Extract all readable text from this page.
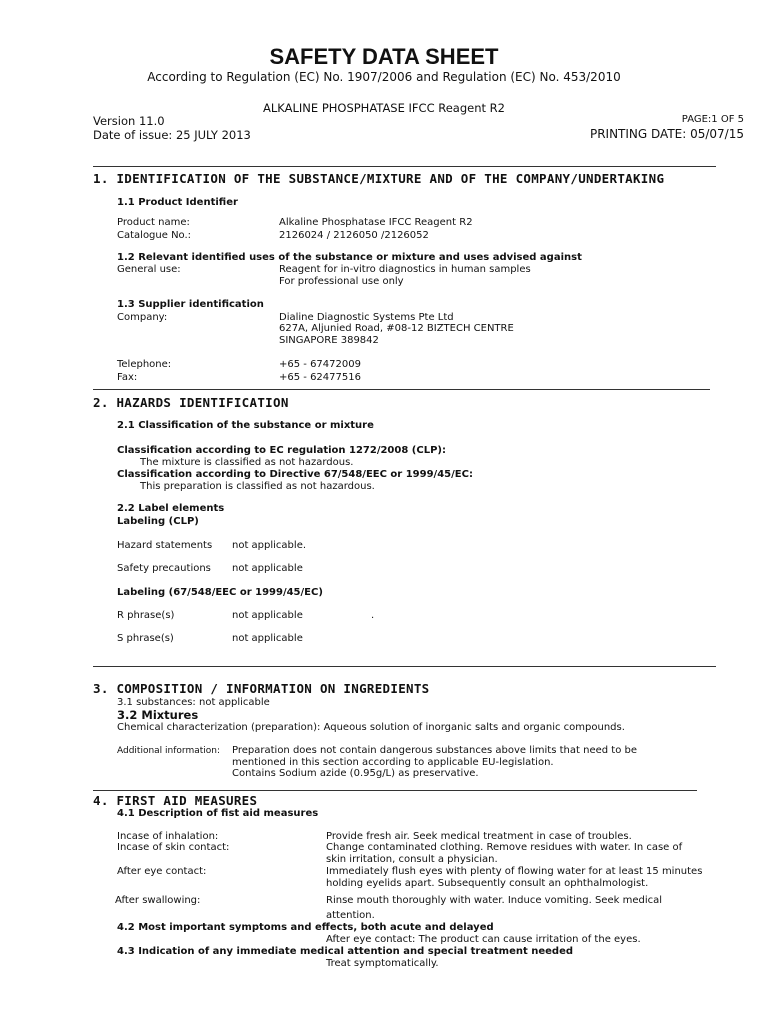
SAFETY DATA SHEET
According to Regulation (EC) No. 1907/2006 and Regulation (EC) No. 453/2010
ALKALINE PHOSPHATASE IFCC Reagent R2
Version 11.0
Date of issue: 25 JULY 2013
PAGE:1 OF 5
PRINTING DATE: 05/07/15
1. IDENTIFICATION OF THE SUBSTANCE/MIXTURE AND OF THE COMPANY/UNDERTAKING
1.1 Product Identifier
Product name:	Alkaline Phosphatase IFCC Reagent R2
Catalogue No.:	2126024 / 2126050 /2126052
1.2 Relevant identified uses of the substance or mixture and uses advised against
General use:	Reagent for in-vitro diagnostics in human samples
For professional use only
1.3 Supplier identification
Company:	Dialine Diagnostic Systems Pte Ltd
627A, Aljunied Road, #08-12 BIZTECH CENTRE
SINGAPORE 389842
Telephone:	+65 - 67472009
Fax:	+65 - 62477516
2. HAZARDS IDENTIFICATION
2.1 Classification of the substance or mixture
Classification according to EC regulation 1272/2008 (CLP):
The mixture is classified as not hazardous.
Classification according to Directive 67/548/EEC or 1999/45/EC:
This preparation is classified as not hazardous.
2.2 Label elements
Labeling (CLP)
Hazard statements not applicable.
Safety precautions not applicable
Labeling (67/548/EEC or 1999/45/EC)
R phrase(s)	not applicable	.
S phrase(s)	not applicable
3. COMPOSITION / INFORMATION ON INGREDIENTS
3.1 substances: not applicable
3.2 Mixtures
Chemical characterization (preparation): Aqueous solution of inorganic salts and organic compounds.
Additional information: Preparation does not contain dangerous substances above limits that need to be
mentioned in this section according to applicable EU-legislation.
Contains Sodium azide (0.95g/L) as preservative.
4. FIRST AID MEASURES
4.1 Description of fist aid measures
Incase of inhalation:	Provide fresh air. Seek medical treatment in case of troubles.
Incase of skin contact:	Change contaminated clothing. Remove residues with water. In case of
skin irritation, consult a physician.
After eye contact:	Immediately flush eyes with plenty of flowing water for at least 15 minutes
holding eyelids apart. Subsequently consult an ophthalmologist.
After swallowing:	Rinse mouth thoroughly with water. Induce vomiting. Seek medical
attention.
4.2 Most important symptoms and effects, both acute and delayed
After eye contact: The product can cause irritation of the eyes.
4.3 Indication of any immediate medical attention and special treatment needed
Treat symptomatically.
